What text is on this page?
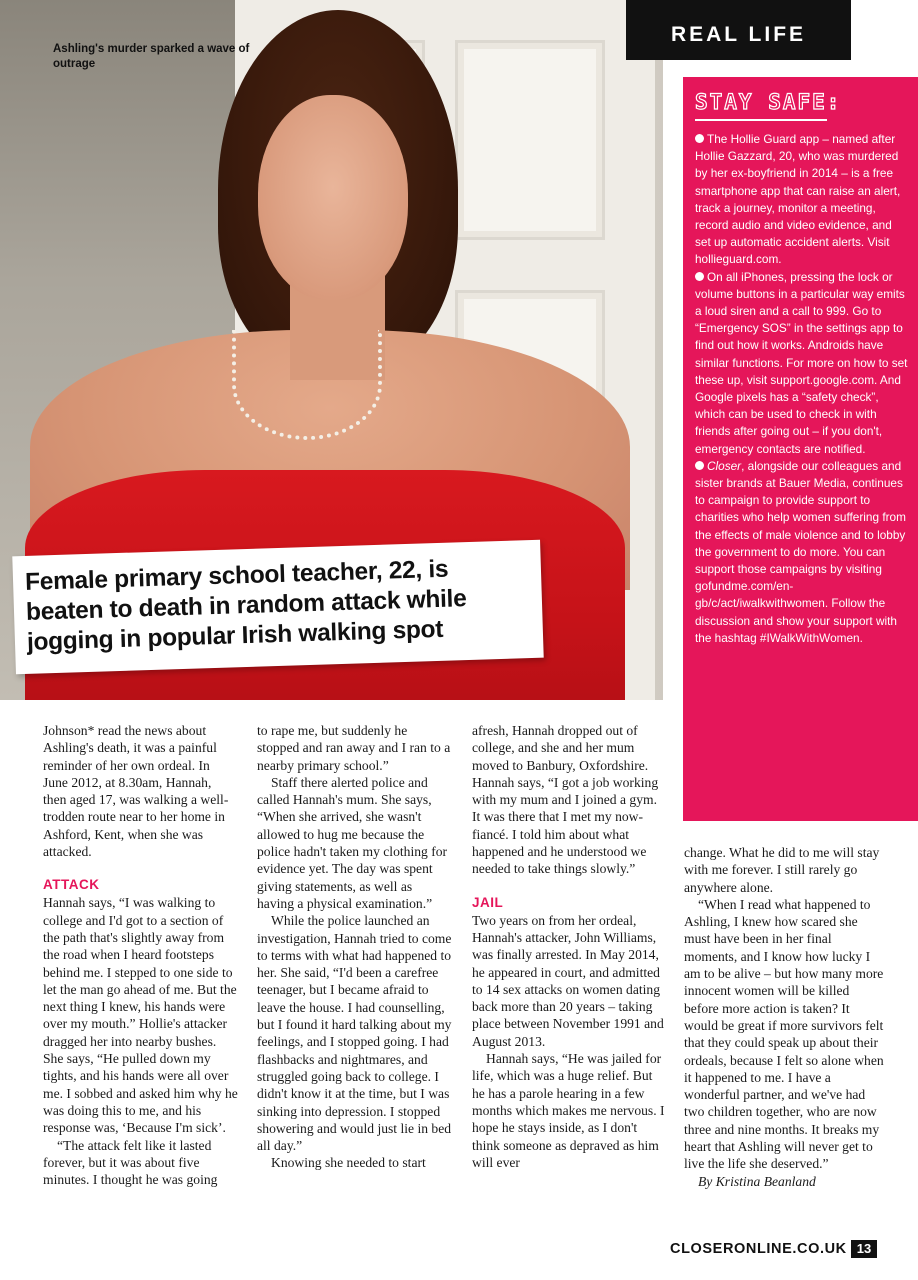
Ashling's murder sparked a wave of outrage

Female primary school teacher, 22, is beaten to death in random attack while jogging in popular Irish walking spot

REAL LIFE
STAY SAFE:

The Hollie Guard app – named after Hollie Gazzard, 20, who was murdered by her ex-boyfriend in 2014 – is a free smartphone app that can raise an alert, track a journey, monitor a meeting, record audio and video evidence, and set up automatic accident alerts. Visit hollieguard.com.

On all iPhones, pressing the lock or volume buttons in a particular way emits a loud siren and a call to 999. Go to “Emergency SOS” in the settings app to find out how it works. Androids have similar functions. For more on how to set these up, visit support.google.com. And Google pixels has a “safety check”, which can be used to check in with friends after going out – if you don't, emergency contacts are notified.

Closer, alongside our colleagues and sister brands at Bauer Media, continues to campaign to provide support to charities who help women suffering from the effects of male violence and to lobby the government to do more. You can support those campaigns by visiting gofundme.com/en-gb/c/act/iwalkwithwomen. Follow the discussion and show your support with the hashtag #IWalkWithWomen.

Johnson* read the news about Ashling's death, it was a painful reminder of her own ordeal. In June 2012, at 8.30am, Hannah, then aged 17, was walking a well-trodden route near to her home in Ashford, Kent, when she was attacked.

ATTACK

Hannah says, “I was walking to college and I'd got to a section of the path that's slightly away from the road when I heard footsteps behind me. I stepped to one side to let the man go ahead of me. But the next thing I knew, his hands were over my mouth.” Hollie's attacker dragged her into nearby bushes. She says, “He pulled down my tights, and his hands were all over me. I sobbed and asked him why he was doing this to me, and his response was, ‘Because I'm sick’.

“The attack felt like it lasted forever, but it was about five minutes. I thought he was going

to rape me, but suddenly he stopped and ran away and I ran to a nearby primary school.”

Staff there alerted police and called Hannah's mum. She says, “When she arrived, she wasn't allowed to hug me because the police hadn't taken my clothing for evidence yet. The day was spent giving statements, as well as having a physical examination.”

While the police launched an investigation, Hannah tried to come to terms with what had happened to her. She said, “I'd been a carefree teenager, but I became afraid to leave the house. I had counselling, but I found it hard talking about my feelings, and I stopped going. I had flashbacks and nightmares, and struggled going back to college. I didn't know it at the time, but I was sinking into depression. I stopped showering and would just lie in bed all day.”

Knowing she needed to start

afresh, Hannah dropped out of college, and she and her mum moved to Banbury, Oxfordshire. Hannah says, “I got a job working with my mum and I joined a gym. It was there that I met my now-fiancé. I told him about what happened and he understood we needed to take things slowly.”

JAIL

Two years on from her ordeal, Hannah's attacker, John Williams, was finally arrested. In May 2014, he appeared in court, and admitted to 14 sex attacks on women dating back more than 20 years – taking place between November 1991 and August 2013.

Hannah says, “He was jailed for life, which was a huge relief. But he has a parole hearing in a few months which makes me nervous. I hope he stays inside, as I don't think someone as depraved as him will ever

change. What he did to me will stay with me forever. I still rarely go anywhere alone.

“When I read what happened to Ashling, I knew how scared she must have been in her final moments, and I know how lucky I am to be alive – but how many more innocent women will be killed before more action is taken? It would be great if more survivors felt that they could speak up about their ordeals, because I felt so alone when it happened to me. I have a wonderful partner, and we've had two children together, who are now three and nine months. It breaks my heart that Ashling will never get to live the life she deserved.”

By Kristina Beanland

CLOSERONLINE.CO.UK 13
